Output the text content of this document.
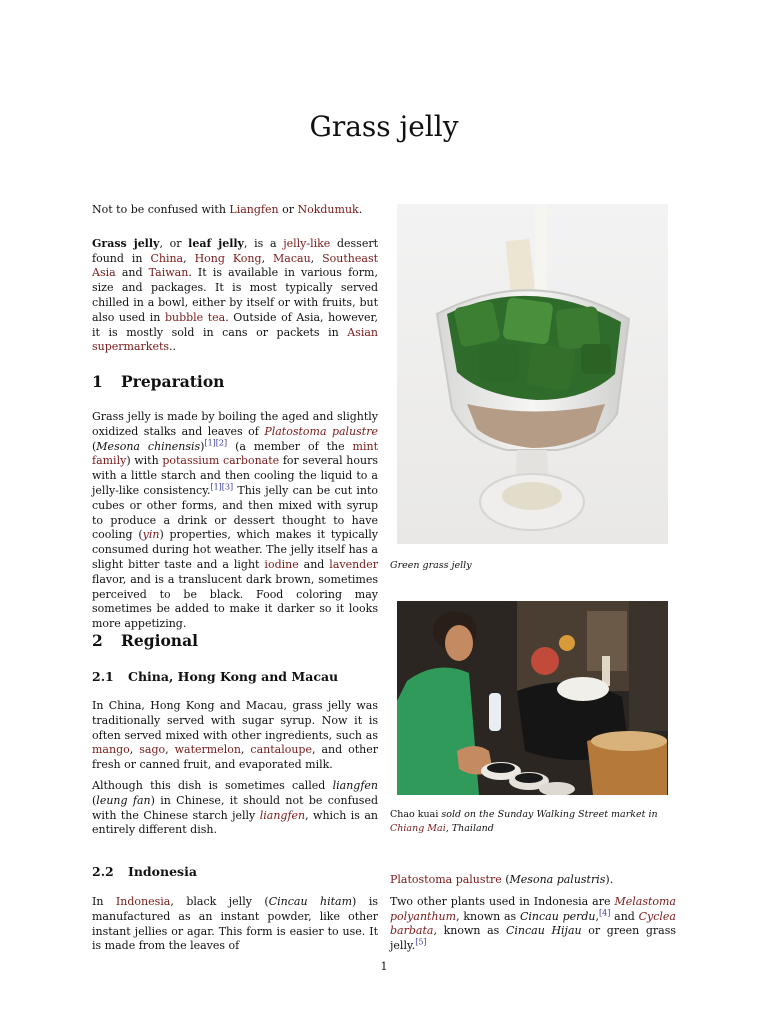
Grass jelly

Not to be confused with Liangfen or Nokdumuk.

Grass jelly, or leaf jelly, is a jelly-like dessert found in China, Hong Kong, Macau, Southeast Asia and Taiwan. It is available in various form, size and packages. It is most typically served chilled in a bowl, either by itself or with fruits, but also used in bubble tea. Outside of Asia, however, it is mostly sold in cans or packets in Asian supermarkets..

1 Preparation

Grass jelly is made by boiling the aged and slightly oxidized stalks and leaves of Platostoma palustre (Mesona chinensis)[1][2] (a member of the mint family) with potassium carbonate for several hours with a little starch and then cooling the liquid to a jelly-like consistency.[1][3] This jelly can be cut into cubes or other forms, and then mixed with syrup to produce a drink or dessert thought to have cooling (yin) properties, which makes it typically consumed during hot weather. The jelly itself has a slight bitter taste and a light iodine and lavender flavor, and is a translucent dark brown, sometimes perceived to be black. Food coloring may sometimes be added to make it darker so it looks more appetizing.

2 Regional
2.1 China, Hong Kong and Macau

In China, Hong Kong and Macau, grass jelly was traditionally served with sugar syrup. Now it is often served mixed with other ingredients, such as mango, sago, watermelon, cantaloupe, and other fresh or canned fruit, and evaporated milk.

Although this dish is sometimes called liangfen (leung fan) in Chinese, it should not be confused with the Chinese starch jelly liangfen, which is an entirely different dish.

2.2 Indonesia

In Indonesia, black jelly (Cincau hitam) is manufactured as an instant powder, like other instant jellies or agar. This form is easier to use. It is made from the leaves of

Green grass jelly
Chao kuai sold on the Sunday Walking Street market in Chiang Mai, Thailand

Platostoma palustre (Mesona palustris).

Two other plants used in Indonesia are Melastoma polyanthum, known as Cincau perdu,[4] and Cyclea barbata, known as Cincau Hijau or green grass jelly.[5]

1
